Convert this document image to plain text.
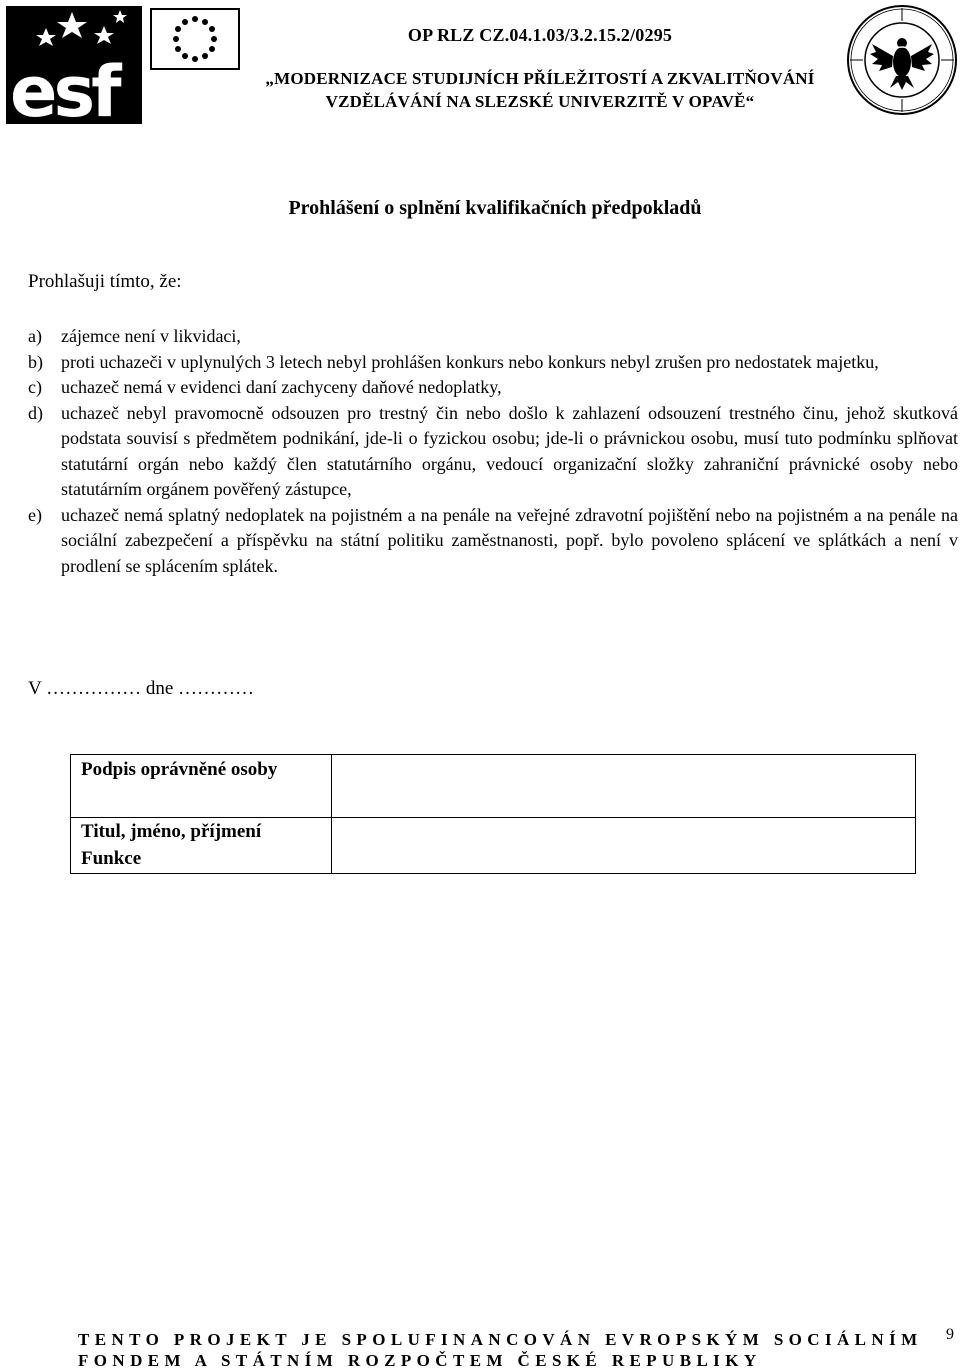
esf
OP RLZ CZ.04.1.03/3.2.15.2/0295
„MODERNIZACE STUDIJNÍCH PŘÍLEŽITOSTÍ A ZKVALITŇOVÁNÍ
VZDĚLÁVÁNÍ NA SLEZSKÉ UNIVERZITĚ V OPAVĚ“
Prohlášení o splnění kvalifikačních předpokladů
Prohlašuji tímto, že:
a) zájemce není v likvidaci,
b) proti uchazeči v uplynulých 3 letech nebyl prohlášen konkurs nebo konkurs nebyl zrušen pro nedostatek majetku,
c) uchazeč nemá v evidenci daní zachyceny daňové nedoplatky,
d) uchazeč nebyl pravomocně odsouzen pro trestný čin nebo došlo k zahlazení odsouzení trestného činu, jehož skutková podstata souvisí s předmětem podnikání, jde-li o fyzickou osobu; jde-li o právnickou osobu, musí tuto podmínku splňovat statutární orgán nebo každý člen statutárního orgánu, vedoucí organizační složky zahraniční právnické osoby nebo statutárním orgánem pověřený zástupce,
e) uchazeč nemá splatný nedoplatek na pojistném a na penále na veřejné zdravotní pojištění nebo na pojistném a na penále na sociální zabezpečení a příspěvku na státní politiku zaměstnanosti, popř. bylo povoleno splácení ve splátkách a není v prodlení se splácením splátek.
V …………… dne …………
Podpis oprávněné osoby
Titul, jméno, příjmení
Funkce
TENTO PROJEKT JE SPOLUFINANCOVÁN EVROPSKÝM SOCIÁLNÍM
FONDEM A STÁTNÍM ROZPOČTEM ČESKÉ REPUBLIKY
9
